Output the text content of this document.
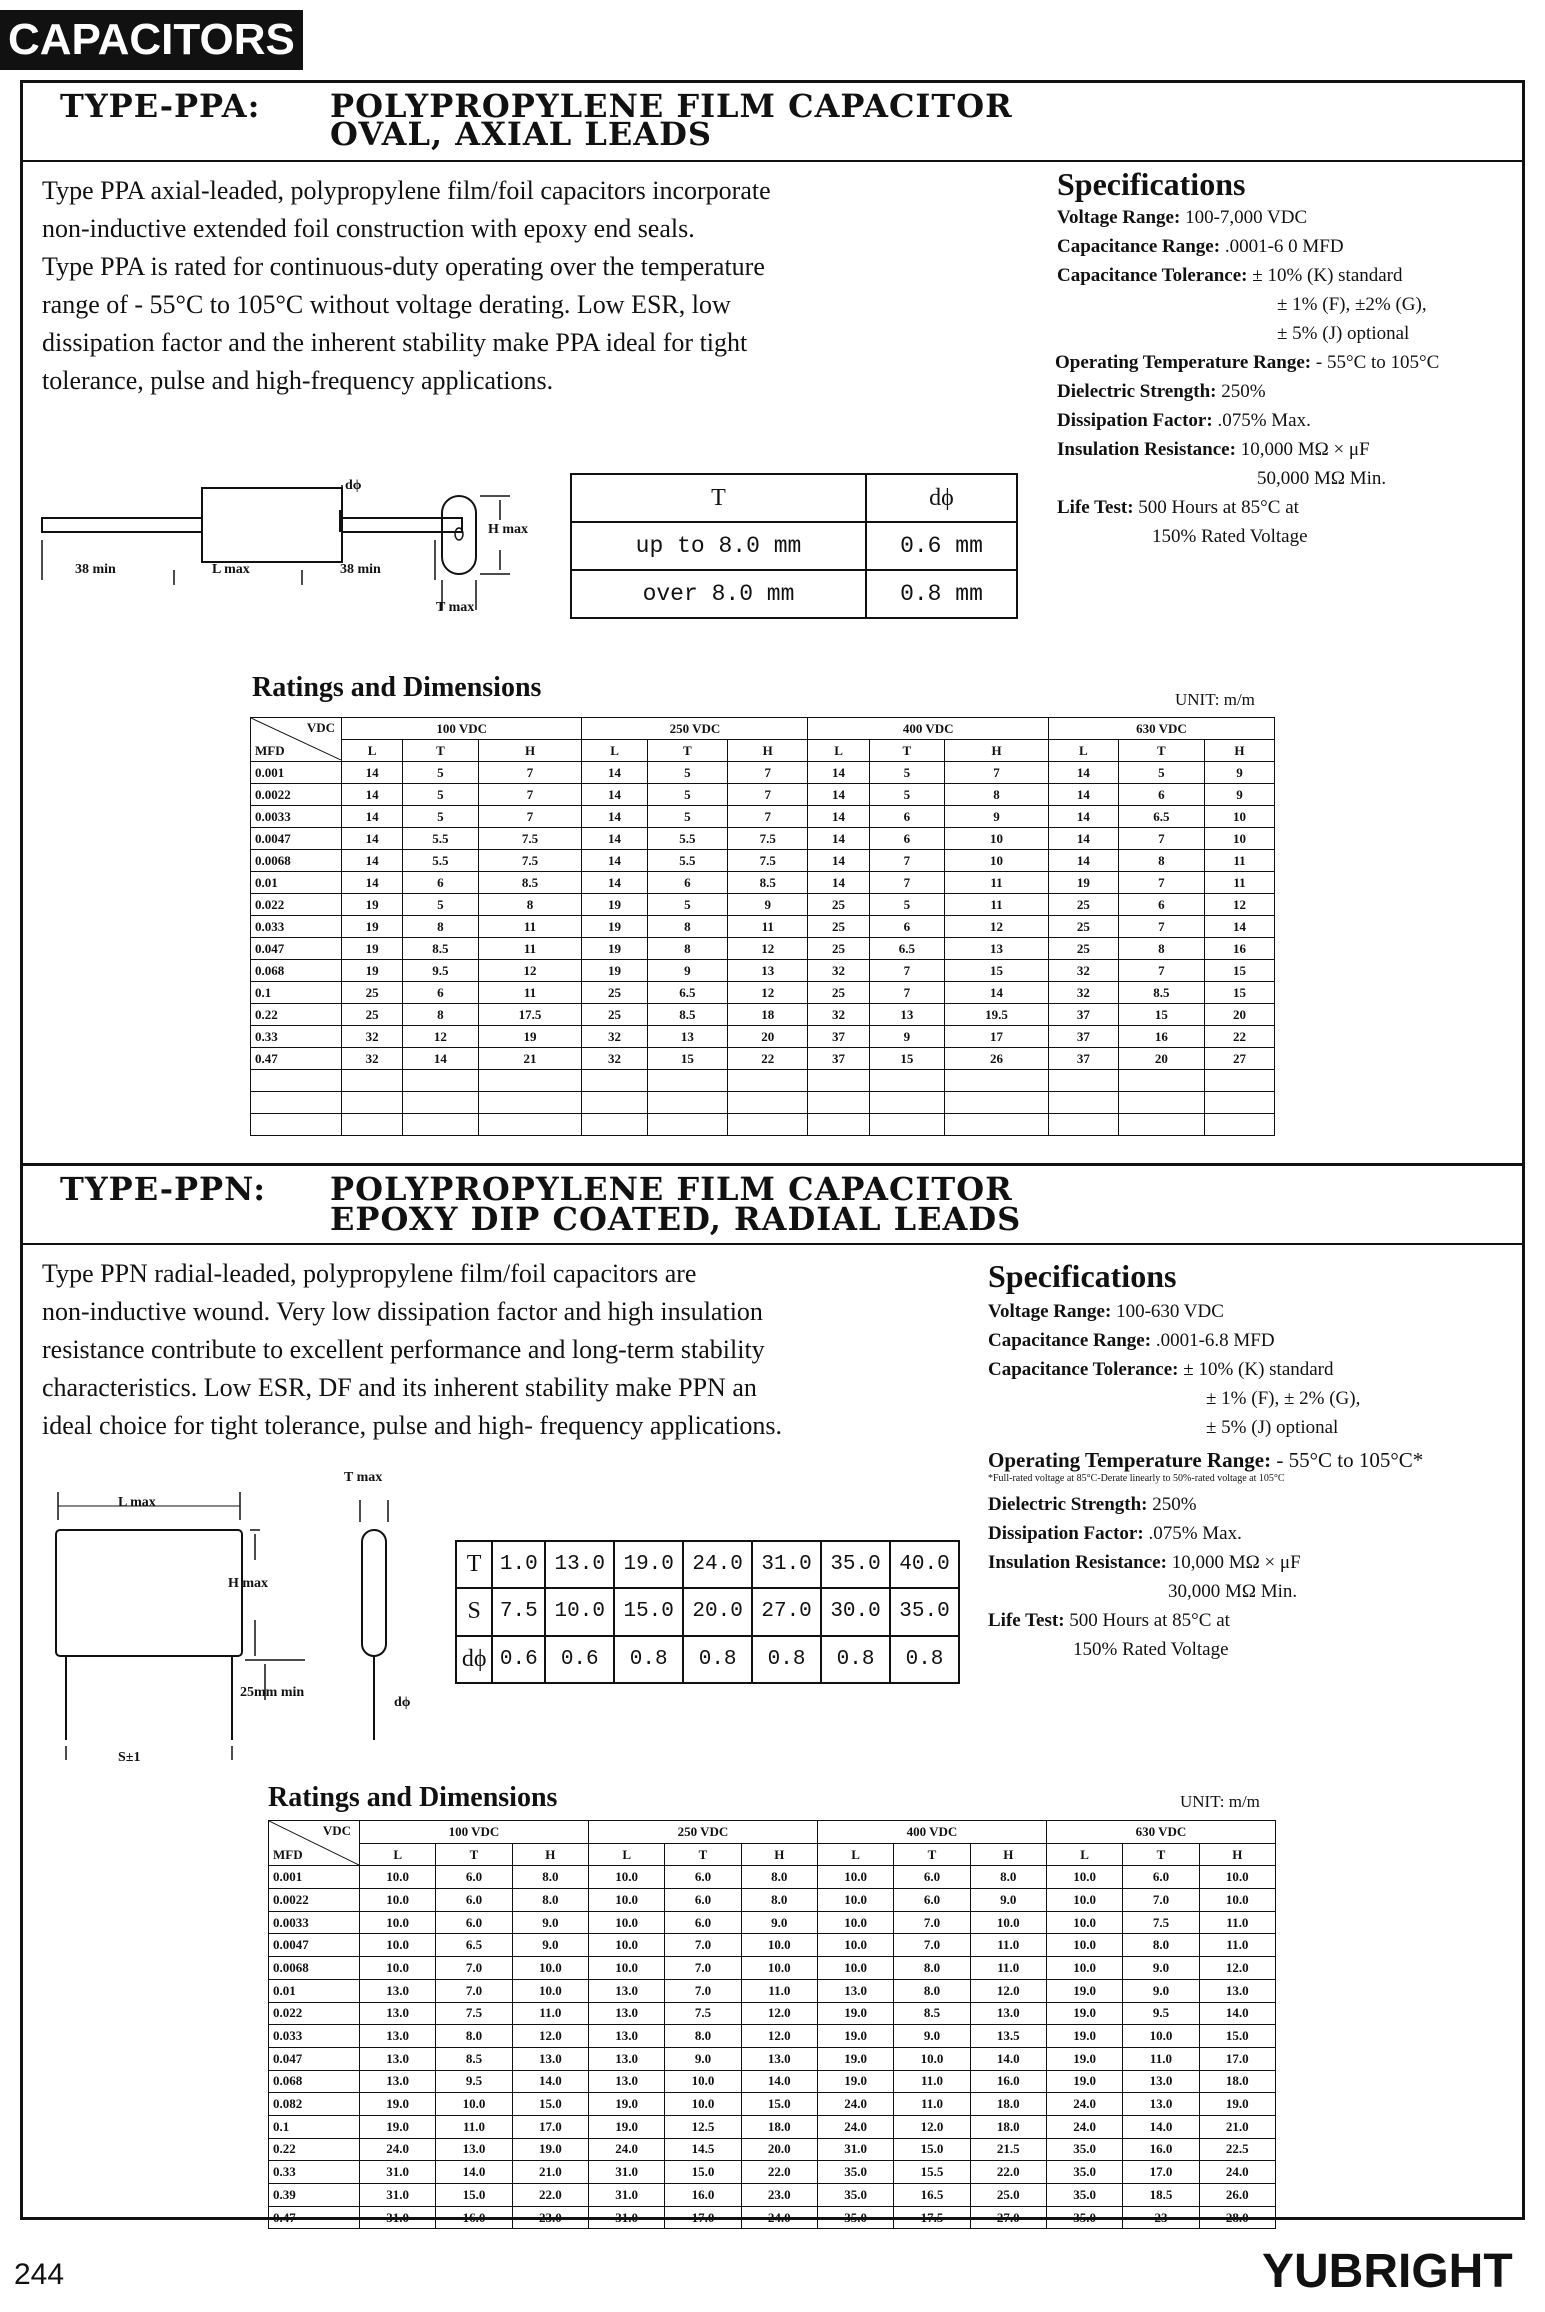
CAPACITORS
TYPE-PPA: POLYPROPYLENE FILM CAPACITOR
OVAL, AXIAL LEADS
Type PPA axial-leaded, polypropylene film/foil capacitors incorporate
non-inductive extended foil construction with epoxy end seals.
Type PPA is rated for continuous-duty operating over the temperature
range of - 55°C to 105°C without voltage derating. Low ESR, low
dissipation factor and the inherent stability make PPA ideal for tight
tolerance, pulse and high-frequency applications.
Specifications
Voltage Range: 100-7,000 VDC
Capacitance Range: .0001-6 0 MFD
Capacitance Tolerance: ± 10% (K) standard
± 1% (F), ±2% (G),
± 5% (J) optional
Operating Temperature Range: - 55°C to 105°C
Dielectric Strength: 250%
Dissipation Factor: .075% Max.
Insulation Resistance: 10,000 MΩ × μF
50,000 MΩ Min.
Life Test: 500 Hours at 85°C at
150% Rated Voltage
dϕ
H max
38 min	L max	38 min
T max
T	dϕ
up to 8.0 mm	0.6 mm
over 8.0 mm	0.8 mm
Ratings and Dimensions	UNIT: m/m
VDC
MFD	100 VDC			250 VDC			400 VDC			630 VDC		
	L	T	H	L	T	H	L	T	H	L	T	H
0.001	14	5	7	14	5	7	14	5	7	14	5	9
0.0022	14	5	7	14	5	7	14	5	8	14	6	9
0.0033	14	5	7	14	5	7	14	6	9	14	6.5	10
0.0047	14	5.5	7.5	14	5.5	7.5	14	6	10	14	7	10
0.0068	14	5.5	7.5	14	5.5	7.5	14	7	10	14	8	11
0.01	14	6	8.5	14	6	8.5	14	7	11	19	7	11
0.022	19	5	8	19	5	9	25	5	11	25	6	12
0.033	19	8	11	19	8	11	25	6	12	25	7	14
0.047	19	8.5	11	19	8	12	25	6.5	13	25	8	16
0.068	19	9.5	12	19	9	13	32	7	15	32	7	15
0.1	25	6	11	25	6.5	12	25	7	14	32	8.5	15
0.22	25	8	17.5	25	8.5	18	32	13	19.5	37	15	20
0.33	32	12	19	32	13	20	37	9	17	37	16	22
0.47	32	14	21	32	15	22	37	15	26	37	20	27

TYPE-PPN: POLYPROPYLENE FILM CAPACITOR
EPOXY DIP COATED, RADIAL LEADS
Type PPN radial-leaded, polypropylene film/foil capacitors are
non-inductive wound. Very low dissipation factor and high insulation
resistance contribute to excellent performance and long-term stability
characteristics. Low ESR, DF and its inherent stability make PPN an
ideal choice for tight tolerance, pulse and high- frequency applications.
Specifications
Voltage Range: 100-630 VDC
Capacitance Range: .0001-6.8 MFD
Capacitance Tolerance: ± 10% (K) standard
± 1% (F), ± 2% (G),
± 5% (J) optional
Operating Temperature Range: - 55°C to 105°C*
*Full-rated voltage at 85°C-Derate linearly to 50%-rated voltage at 105°C
Dielectric Strength: 250%
Dissipation Factor: .075% Max.
Insulation Resistance: 10,000 MΩ × μF
30,000 MΩ Min.
Life Test: 500 Hours at 85°C at
150% Rated Voltage
L max
T max
H max
25mm min
dϕ
S±1
T	1.0	13.0	19.0	24.0	31.0	35.0	40.0
S	7.5	10.0	15.0	20.0	27.0	30.0	35.0
dϕ	0.6	0.6	0.8	0.8	0.8	0.8	0.8
Ratings and Dimensions	UNIT: m/m
VDC
MFD	100 VDC			250 VDC			400 VDC			630 VDC		
	L	T	H	L	T	H	L	T	H	L	T	H
0.001	10.0	6.0	8.0	10.0	6.0	8.0	10.0	6.0	8.0	10.0	6.0	10.0
0.0022	10.0	6.0	8.0	10.0	6.0	8.0	10.0	6.0	9.0	10.0	7.0	10.0
0.0033	10.0	6.0	9.0	10.0	6.0	9.0	10.0	7.0	10.0	10.0	7.5	11.0
0.0047	10.0	6.5	9.0	10.0	7.0	10.0	10.0	7.0	11.0	10.0	8.0	11.0
0.0068	10.0	7.0	10.0	10.0	7.0	10.0	10.0	8.0	11.0	10.0	9.0	12.0
0.01	13.0	7.0	10.0	13.0	7.0	11.0	13.0	8.0	12.0	19.0	9.0	13.0
0.022	13.0	7.5	11.0	13.0	7.5	12.0	19.0	8.5	13.0	19.0	9.5	14.0
0.033	13.0	8.0	12.0	13.0	8.0	12.0	19.0	9.0	13.5	19.0	10.0	15.0
0.047	13.0	8.5	13.0	13.0	9.0	13.0	19.0	10.0	14.0	19.0	11.0	17.0
0.068	13.0	9.5	14.0	13.0	10.0	14.0	19.0	11.0	16.0	19.0	13.0	18.0
0.082	19.0	10.0	15.0	19.0	10.0	15.0	24.0	11.0	18.0	24.0	13.0	19.0
0.1	19.0	11.0	17.0	19.0	12.5	18.0	24.0	12.0	18.0	24.0	14.0	21.0
0.22	24.0	13.0	19.0	24.0	14.5	20.0	31.0	15.0	21.5	35.0	16.0	22.5
0.33	31.0	14.0	21.0	31.0	15.0	22.0	35.0	15.5	22.0	35.0	17.0	24.0
0.39	31.0	15.0	22.0	31.0	16.0	23.0	35.0	16.5	25.0	35.0	18.5	26.0
0.47	31.0	16.0	23.0	31.0	17.0	24.0	35.0	17.5	27.0	35.0	23	28.0
244	YUBRIGHT
